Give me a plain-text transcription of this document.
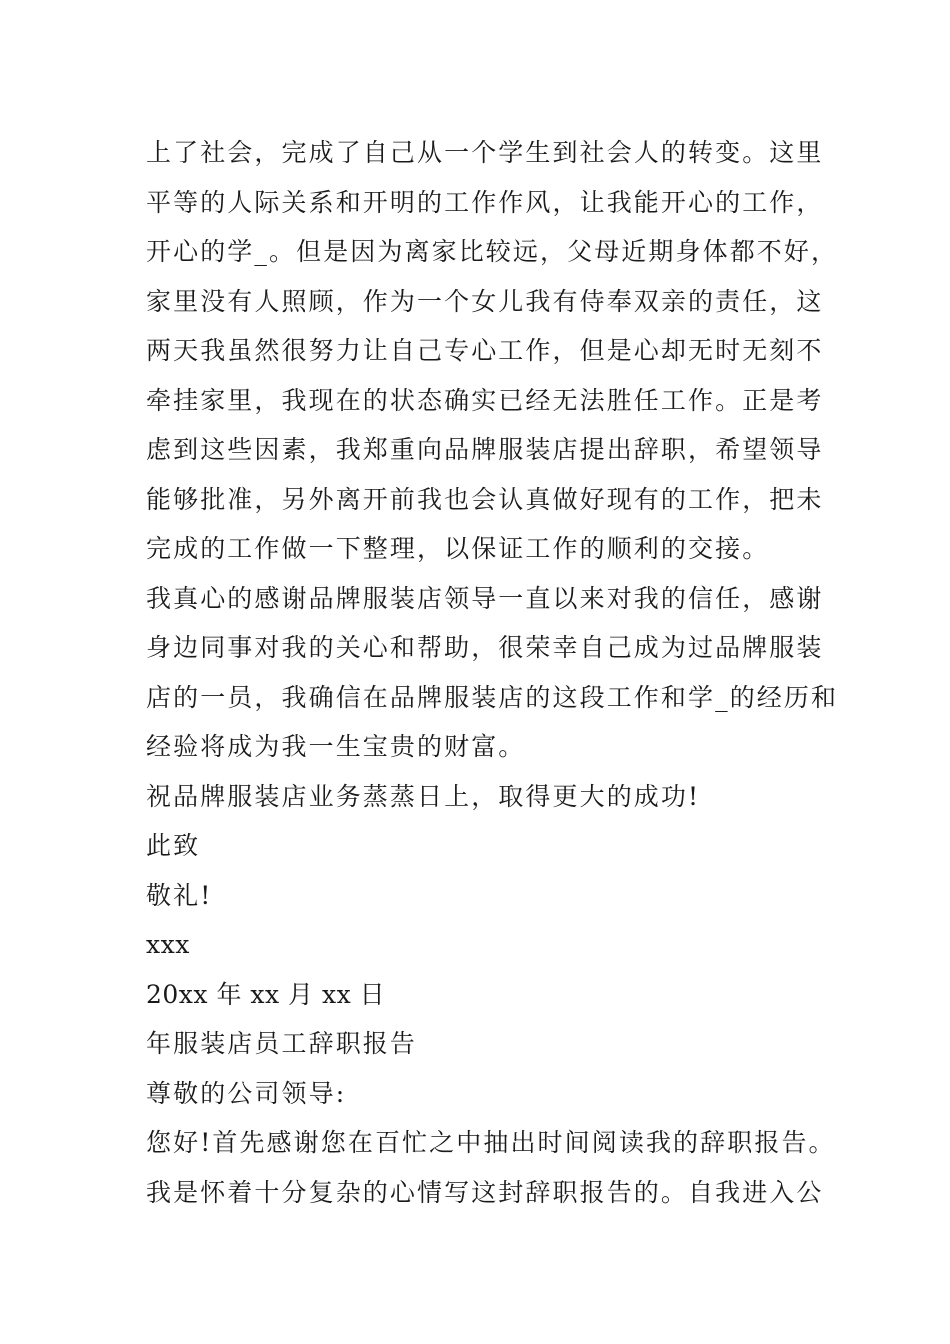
上了社会，完成了自己从一个学生到社会人的转变。这里
平等的人际关系和开明的工作作风，让我能开心的工作，
开心的学_。但是因为离家比较远，父母近期身体都不好，
家里没有人照顾，作为一个女儿我有侍奉双亲的责任，这
两天我虽然很努力让自己专心工作，但是心却无时无刻不
牵挂家里，我现在的状态确实已经无法胜任工作。正是考
虑到这些因素，我郑重向品牌服装店提出辞职，希望领导
能够批准，另外离开前我也会认真做好现有的工作，把未
完成的工作做一下整理，以保证工作的顺利的交接。
我真心的感谢品牌服装店领导一直以来对我的信任，感谢
身边同事对我的关心和帮助，很荣幸自己成为过品牌服装
店的一员，我确信在品牌服装店的这段工作和学_的经历和
经验将成为我一生宝贵的财富。
祝品牌服装店业务蒸蒸日上，取得更大的成功!
此致
敬礼!
xxx
20xx 年 xx 月 xx 日
年服装店员工辞职报告
尊敬的公司领导:
您好!首先感谢您在百忙之中抽出时间阅读我的辞职报告。
我是怀着十分复杂的心情写这封辞职报告的。自我进入公
